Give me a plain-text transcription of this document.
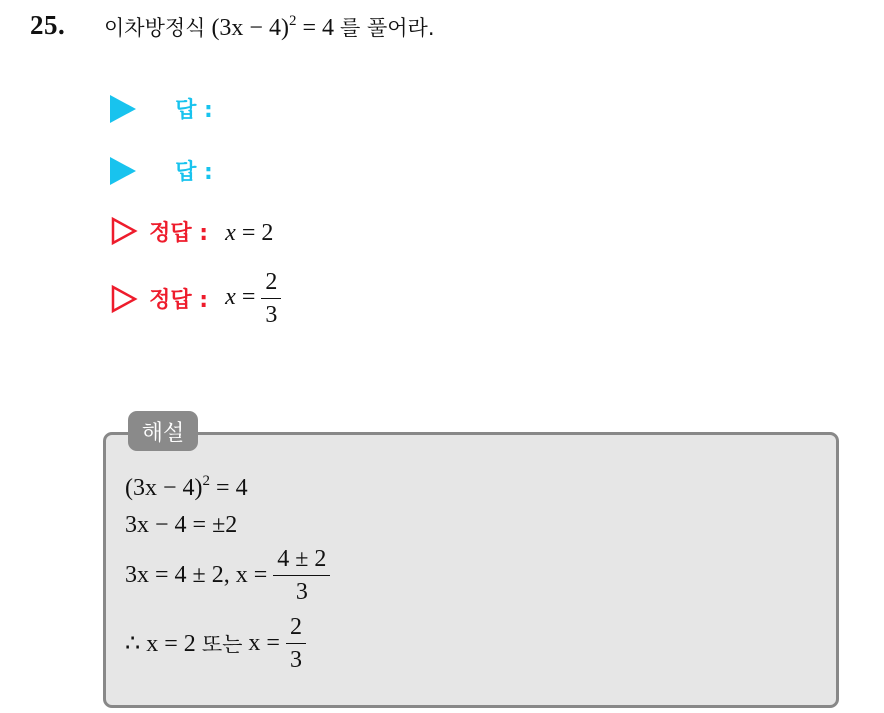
25. 이차방정식 $(3x - 4)^2 = 4$ 를 풀어라.
답 :
답 :
정답 : x = 2
정답 : $x = \frac{2}{3}$
해설
$(3x - 4)^2 = 4$
3x − 4 = ±2
3x = 4 ± 2, $x = \frac{4 \pm 2}{3}$
∴ x = 2 또는 $x = \frac{2}{3}$
